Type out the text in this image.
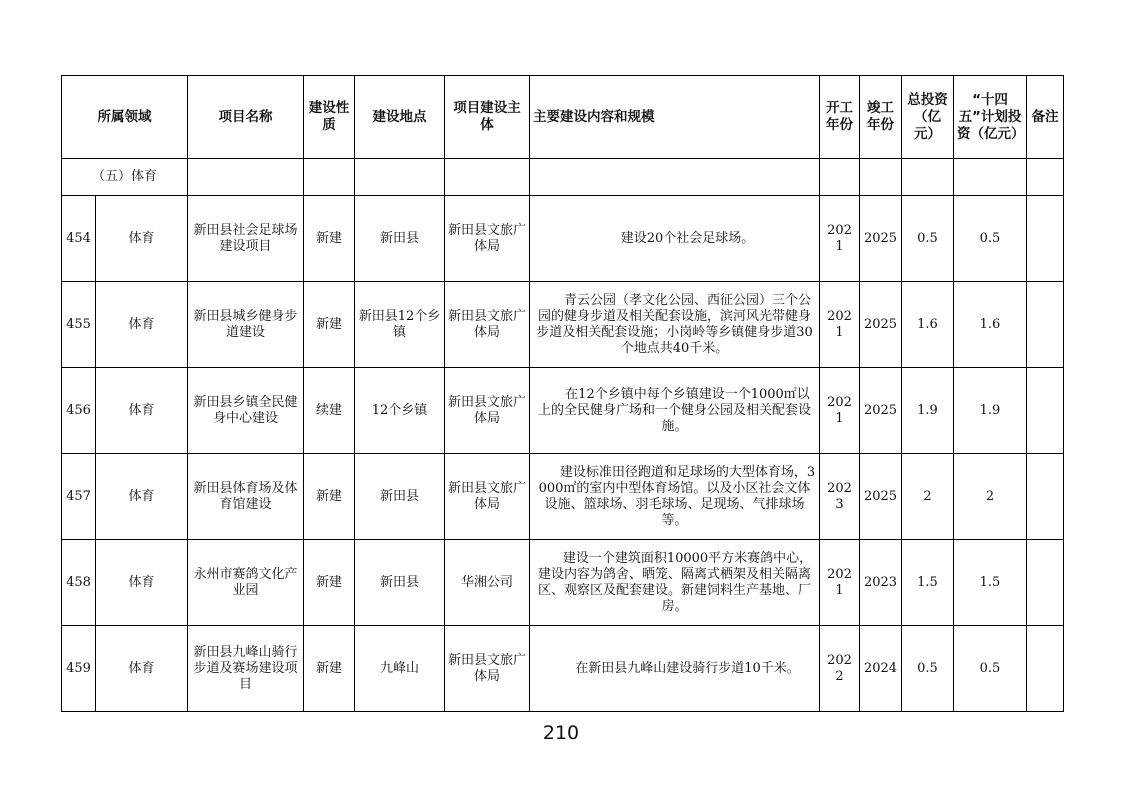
所属领域		项目名称	建设性质	建设地点	项目建设主体	主要建设内容和规模	开工年份	竣工年份	总投资（亿元）	“十四五”计划投资（亿元）	备注
（五）体育											
454	体育	新田县社会足球场建设项目	新建	新田县	新田县文旅广体局	建设20个社会足球场。	2021	2025	0.5	0.5	
455	体育	新田县城乡健身步道建设	新建	新田县12个乡镇	新田县文旅广体局	青云公园（孝文化公园、西征公园）三个公园的健身步道及相关配套设施，滨河风光带健身步道及相关配套设施；小岗岭等乡镇健身步道30个地点共40千米。	2021	2025	1.6	1.6	
456	体育	新田县乡镇全民健身中心建设	续建	12个乡镇	新田县文旅广体局	在12个乡镇中每个乡镇建设一个1000㎡以上的全民健身广场和一个健身公园及相关配套设施。	2021	2025	1.9	1.9	
457	体育	新田县体育场及体育馆建设	新建	新田县	新田县文旅广体局	建设标准田径跑道和足球场的大型体育场，3000㎡的室内中型体育场馆。以及小区社会文体设施、篮球场、羽毛球场、足现场、气排球场等。	2023	2025	2	2	
458	体育	永州市赛鸽文化产业园	新建	新田县	华湘公司	建设一个建筑面积10000平方米赛鸽中心，建设内容为鸽舍、晒笼、隔离式栖架及相关隔离区、观察区及配套建设。新建饲料生产基地、厂房。	2021	2023	1.5	1.5	
459	体育	新田县九峰山骑行步道及赛场建设项目	新建	九峰山	新田县文旅广体局	在新田县九峰山建设骑行步道10千米。	2022	2024	0.5	0.5	
210
